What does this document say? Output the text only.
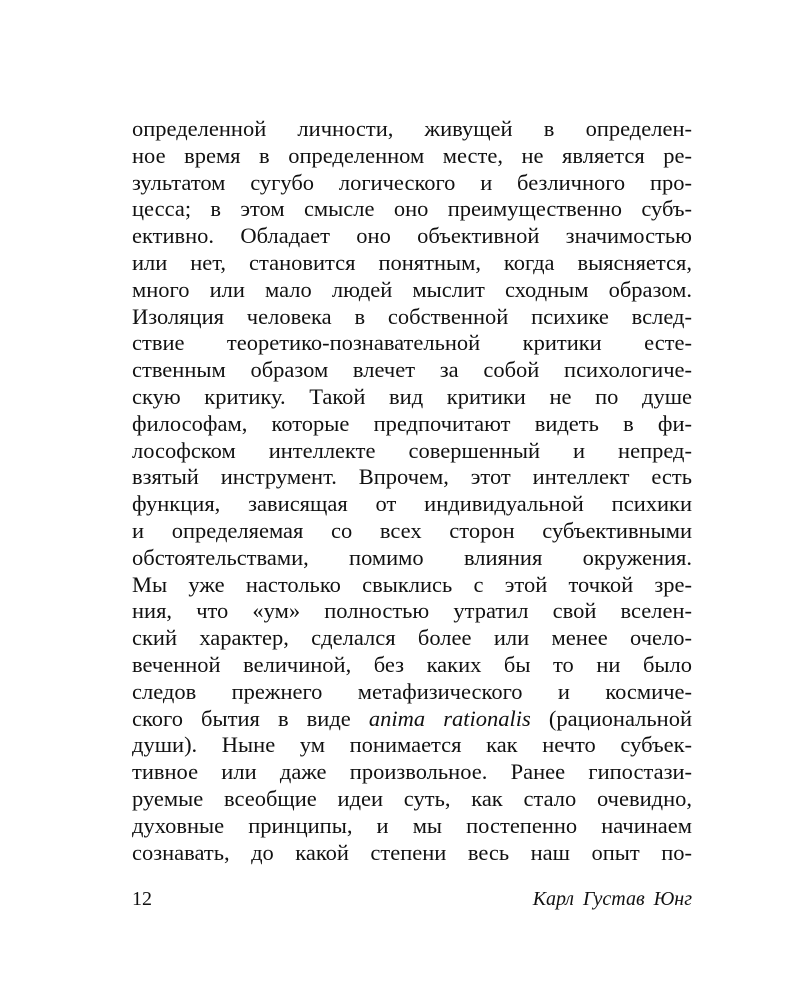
определенной личности, живущей в определен-
ное время в определенном месте, не является ре-
зультатом сугубо логического и безличного про-
цесса; в этом смысле оно преимущественно субъ-
ективно. Обладает оно объективной значимостью
или нет, становится понятным, когда выясняется,
много или мало людей мыслит сходным образом.
Изоляция человека в собственной психике вслед-
ствие теоретико-познавательной критики есте-
ственным образом влечет за собой психологиче-
скую критику. Такой вид критики не по душе
философам, которые предпочитают видеть в фи-
лософском интеллекте совершенный и непред-
взятый инструмент. Впрочем, этот интеллект есть
функция, зависящая от индивидуальной психики
и определяемая со всех сторон субъективными
обстоятельствами, помимо влияния окружения.
Мы уже настолько свыклись с этой точкой зре-
ния, что «ум» полностью утратил свой вселен-
ский характер, сделался более или менее очело-
веченной величиной, без каких бы то ни было
следов прежнего метафизического и космиче-
ского бытия в виде anima rationalis (рациональной
души). Ныне ум понимается как нечто субъек-
тивное или даже произвольное. Ранее гипостази-
руемые всеобщие идеи суть, как стало очевидно,
духовные принципы, и мы постепенно начинаем
сознавать, до какой степени весь наш опыт по-
12	Карл Густав Юнг
